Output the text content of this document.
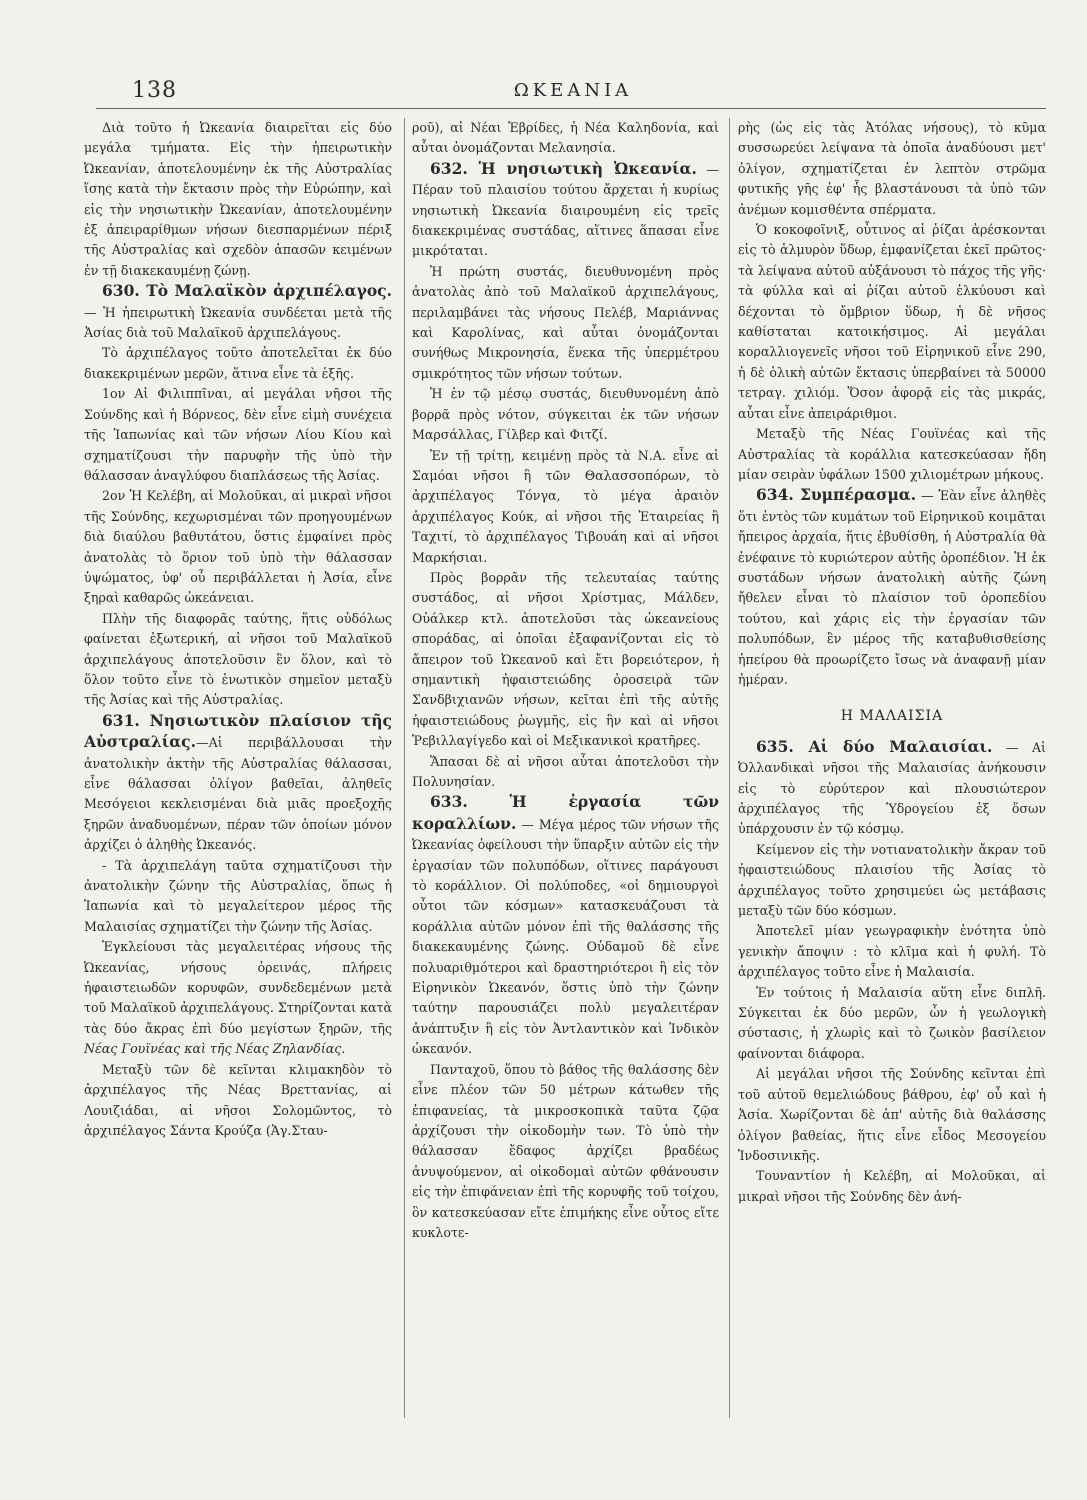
138	ΩΚΕΑΝΙΑ

Διὰ τοῦτο ἡ Ὠκεανία διαιρεῖται εἰς δύο μεγάλα τμήματα. Εἰς τὴν ἠπειρωτικὴν Ὠκεανίαν, ἀποτελουμένην ἐκ τῆς Αὐστραλίας ἴσης κατὰ τὴν ἔκτασιν πρὸς τὴν Εὐρώπην, καὶ εἰς τὴν νησιωτικὴν Ὠκεανίαν, ἀποτελουμένην ἐξ ἀπειραρίθμων νήσων διεσπαρμένων πέριξ τῆς Αὐστραλίας καὶ σχεδὸν ἁπασῶν κειμένων ἐν τῇ διακεκαυμένῃ ζώνῃ.

630. Τὸ Μαλαϊκὸν ἀρχιπέλαγος. — Ἡ ἠπειρωτικὴ Ὠκεανία συνδέεται μετὰ τῆς Ἀσίας διὰ τοῦ Μαλαϊκοῦ ἀρχιπελάγους.

Τὸ ἀρχιπέλαγος τοῦτο ἀποτελεῖται ἐκ δύο διακεκριμένων μερῶν, ἅτινα εἶνε τὰ ἑξῆς.

1ον Αἱ Φιλιππῖναι, αἱ μεγάλαι νῆσοι τῆς Σούνδης καὶ ἡ Βόρνεος, δὲν εἶνε εἰμὴ συνέχεια τῆς Ἰαπωνίας καὶ τῶν νήσων Λίου Κίου καὶ σχηματίζουσι τὴν παρυφὴν τῆς ὑπὸ τὴν θάλασσαν ἀναγλύφου διαπλάσεως τῆς Ἀσίας.

2ον Ἡ Κελέβη, αἱ Μολοῦκαι, αἱ μικραὶ νῆσοι τῆς Σούνδης, κεχωρισμέναι τῶν προηγουμένων διὰ διαύλου βαθυτάτου, ὅστις ἐμφαίνει πρὸς ἀνατολὰς τὸ ὅριον τοῦ ὑπὸ τὴν θάλασσαν ὑψώματος, ὑφ' οὗ περιβάλλεται ἡ Ἀσία, εἶνε ξηραὶ καθαρῶς ὠκεάνειαι.

Πλὴν τῆς διαφορᾶς ταύτης, ἥτις οὐδόλως φαίνεται ἐξωτερική, αἱ νῆσοι τοῦ Μαλαϊκοῦ ἀρχιπελάγους ἀποτελοῦσιν ἓν ὅλον, καὶ τὸ ὅλον τοῦτο εἶνε τὸ ἑνωτικὸν σημεῖον μεταξὺ τῆς Ἀσίας καὶ τῆς Αὐστραλίας.

631. Νησιωτικὸν πλαίσιον τῆς Αὐστραλίας.—Αἱ περιβάλλουσαι τὴν ἀνατολικὴν ἀκτὴν τῆς Αὐστραλίας θάλασσαι, εἶνε θάλασσαι ὀλίγον βαθεῖαι, ἀληθεῖς Μεσόγειοι κεκλεισμέναι διὰ μιᾶς προεξοχῆς ξηρῶν ἀναδυομένων, πέραν τῶν ὁποίων μόνον ἀρχίζει ὁ ἀληθὴς Ὠκεανός.

- Τὰ ἀρχιπελάγη ταῦτα σχηματίζουσι τὴν ἀνατολικὴν ζώνην τῆς Αὐστραλίας, ὅπως ἡ Ἰαπωνία καὶ τὸ μεγαλείτερον μέρος τῆς Μαλαισίας σχηματίζει τὴν ζώνην τῆς Ἀσίας.

Ἐγκλείουσι τὰς μεγαλειτέρας νήσους τῆς Ὠκεανίας, νήσους ὀρεινάς, πλήρεις ἠφαιστειωδῶν κορυφῶν, συνδεδεμένων μετὰ τοῦ Μαλαϊκοῦ ἀρχιπελάγους. Στηρίζονται κατὰ τὰς δύο ἄκρας ἐπὶ δύο μεγίστων ξηρῶν, τῆς Νέας Γουϊνέας καὶ τῆς Νέας Ζηλανδίας.

Μεταξὺ τῶν δὲ κεῖνται κλιμακηδὸν τὸ ἀρχιπέλαγος τῆς Νέας Βρεττανίας, αἱ Λουιζιάδαι, αἱ νῆσοι Σολομῶντος, τὸ ἀρχιπέλαγος Σάντα Κρούζα (Ἁγ.Σταυ-

ροῦ), αἱ Νέαι Ἑβρίδες, ἡ Νέα Καληδονία, καὶ αὗται ὀνομάζονται Μελανησία.

632. Ἡ νησιωτικὴ Ὠκεανία. — Πέραν τοῦ πλαισίου τούτου ἄρχεται ἡ κυρίως νησιωτικὴ Ὠκεανία διαιρουμένη εἰς τρεῖς διακεκριμένας συστάδας, αἵτινες ἅπασαι εἶνε μικρόταται.

Ἡ πρώτη συστάς, διευθυνομένη πρὸς ἀνατολὰς ἀπὸ τοῦ Μαλαϊκοῦ ἀρχιπελάγους, περιλαμβάνει τὰς νήσους Πελέβ, Μαριάννας καὶ Καρολίνας, καὶ αὗται ὀνομάζονται συνήθως Μικρονησία, ἕνεκα τῆς ὑπερμέτρου σμικρότητος τῶν νήσων τούτων.

Ἡ ἐν τῷ μέσῳ συστάς, διευθυνομένη ἀπὸ βορρᾶ πρὸς νότον, σύγκειται ἐκ τῶν νήσων Μαρσάλλας, Γίλβερ καὶ Φιτζί.

Ἐν τῇ τρίτῃ, κειμένῃ πρὸς τὰ Ν.Α. εἶνε αἱ Σαμόαι νῆσοι ἢ τῶν Θαλασσοπόρων, τὸ ἀρχιπέλαγος Τόνγα, τὸ μέγα ἀραιὸν ἀρχιπέλαγος Κούκ, αἱ νῆσοι τῆς Ἑταιρείας ἢ Ταχιτί, τὸ ἀρχιπέλαγος Τιβουάη καὶ αἱ νῆσοι Μαρκήσιαι.

Πρὸς βορρᾶν τῆς τελευταίας ταύτης συστάδος, αἱ νῆσοι Χρίστμας, Μάλδεν, Οὐάλκερ κτλ. ἀποτελοῦσι τὰς ὠκεανείους σποράδας, αἱ ὁποῖαι ἐξαφανίζονται εἰς τὸ ἄπειρον τοῦ Ὠκεανοῦ καὶ ἔτι βορειότερον, ἡ σημαντικὴ ἠφαιστειώδης ὀροσειρὰ τῶν Σανδβιχιανῶν νήσων, κεῖται ἐπὶ τῆς αὐτῆς ἠφαιστειώδους ῥωγμῆς, εἰς ἣν καὶ αἱ νῆσοι Ῥεβιλλαγίγεδο καὶ οἱ Μεξικανικοὶ κρατῆρες.

Ἅπασαι δὲ αἱ νῆσοι αὗται ἀποτελοῦσι τὴν Πολυνησίαν.

633. Ἡ ἐργασία τῶν κοραλλίων. — Μέγα μέρος τῶν νήσων τῆς Ὠκεανίας ὀφείλουσι τὴν ὕπαρξιν αὐτῶν εἰς τὴν ἐργασίαν τῶν πολυπόδων, οἵτινες παράγουσι τὸ κοράλλιον. Οἱ πολύποδες, «οἱ δημιουργοὶ οὗτοι τῶν κόσμων» κατασκευάζουσι τὰ κοράλλια αὐτῶν μόνον ἐπὶ τῆς θαλάσσης τῆς διακεκαυμένης ζώνης. Οὐδαμοῦ δὲ εἶνε πολυαριθμότεροι καὶ δραστηριότεροι ἢ εἰς τὸν Εἰρηνικὸν Ὠκεανόν, ὅστις ὑπὸ τὴν ζώνην ταύτην παρουσιάζει πολὺ μεγαλειτέραν ἀνάπτυξιν ἢ εἰς τὸν Ἀντλαντικὸν καὶ Ἰνδικὸν ὠκεανόν.

Πανταχοῦ, ὅπου τὸ βάθος τῆς θαλάσσης δὲν εἶνε πλέον τῶν 50 μέτρων κάτωθεν τῆς ἐπιφανείας, τὰ μικροσκοπικὰ ταῦτα ζῷα ἀρχίζουσι τὴν οἰκοδομὴν των. Τὸ ὑπὸ τὴν θάλασσαν ἔδαφος ἀρχίζει βραδέως ἀνυψούμενον, αἱ οἰκοδομαὶ αὐτῶν φθάνουσιν εἰς τὴν ἐπιφάνειαν ἐπὶ τῆς κορυφῆς τοῦ τοίχου, ὃν κατεσκεύασαν εἴτε ἐπιμήκης εἶνε οὗτος εἴτε κυκλοτε-

ρὴς (ὡς εἰς τὰς Ἀτόλας νήσους), τὸ κῦμα συσσωρεύει λείψανα τὰ ὁποῖα ἀναδύουσι μετ' ὀλίγον, σχηματίζεται ἐν λεπτὸν στρῶμα φυτικῆς γῆς ἐφ' ἧς βλαστάνουσι τὰ ὑπὸ τῶν ἀνέμων κομισθέντα σπέρματα.

Ὁ κοκοφοῖνιξ, οὗτινος αἱ ῥίζαι ἀρέσκονται εἰς τὸ ἁλμυρὸν ὕδωρ, ἐμφανίζεται ἐκεῖ πρῶτος· τὰ λείψανα αὐτοῦ αὐξάνουσι τὸ πάχος τῆς γῆς· τὰ φύλλα καὶ αἱ ῥίζαι αὐτοῦ ἑλκύουσι καὶ δέχονται τὸ ὄμβριον ὕδωρ, ἡ δὲ νῆσος καθίσταται κατοικήσιμος. Αἱ μεγάλαι κοραλλιογενεῖς νῆσοι τοῦ Εἰρηνικοῦ εἶνε 290, ἡ δὲ ὁλικὴ αὐτῶν ἔκτασις ὑπερβαίνει τὰ 50000 τετραγ. χιλιόμ. Ὅσον ἀφορᾷ εἰς τὰς μικράς, αὗται εἶνε ἀπειράριθμοι.

Μεταξὺ τῆς Νέας Γουϊνέας καὶ τῆς Αὐστραλίας τὰ κοράλλια κατεσκεύασαν ἤδη μίαν σειρὰν ὑφάλων 1500 χιλιομέτρων μήκους.

634. Συμπέρασμα. — Ἐὰν εἶνε ἀληθὲς ὅτι ἐντὸς τῶν κυμάτων τοῦ Εἰρηνικοῦ κοιμᾶται ἤπειρος ἀρχαία, ἥτις ἐβυθίσθη, ἡ Αὐστραλία θὰ ἐνέφαινε τὸ κυριώτερον αὐτῆς ὀροπέδιον. Ἡ ἐκ συστάδων νήσων ἀνατολικὴ αὐτῆς ζώνη ἤθελεν εἶναι τὸ πλαίσιον τοῦ ὀροπεδίου τούτου, καὶ χάρις εἰς τὴν ἐργασίαν τῶν πολυπόδων, ἓν μέρος τῆς καταβυθισθείσης ἠπείρου θὰ προωρίζετο ἴσως νὰ ἀναφανῇ μίαν ἡμέραν.

Η ΜΑΛΑΙΣΙΑ

635. Αἱ δύο Μαλαισίαι. — Αἱ Ὀλλανδικαὶ νῆσοι τῆς Μαλαισίας ἀνήκουσιν εἰς τὸ εὐρύτερον καὶ πλουσιώτερον ἀρχιπέλαγος τῆς Ὑδρογείου ἐξ ὅσων ὑπάρχουσιν ἐν τῷ κόσμῳ.

Κείμενον εἰς τὴν νοτιανατολικὴν ἄκραν τοῦ ἠφαιστειώδους πλαισίου τῆς Ἀσίας τὸ ἀρχιπέλαγος τοῦτο χρησιμεύει ὡς μετάβασις μεταξὺ τῶν δύο κόσμων.

Ἀποτελεῖ μίαν γεωγραφικὴν ἑνότητα ὑπὸ γενικὴν ἄποψιν : τὸ κλῖμα καὶ ἡ φυλή. Τὸ ἀρχιπέλαγος τοῦτο εἶνε ἡ Μαλαισία.

Ἐν τούτοις ἡ Μαλαισία αὕτη εἶνε διπλῆ. Σύγκειται ἐκ δύο μερῶν, ὧν ἡ γεωλογικὴ σύστασις, ἡ χλωρὶς καὶ τὸ ζωικὸν βασίλειον φαίνονται διάφορα.

Αἱ μεγάλαι νῆσοι τῆς Σούνδης κεῖνται ἐπὶ τοῦ αὐτοῦ θεμελιώδους βάθρου, ἐφ' οὗ καὶ ἡ Ἀσία. Χωρίζονται δὲ ἀπ' αὐτῆς διὰ θαλάσσης ὀλίγον βαθείας, ἥτις εἶνε εἶδος Μεσογείου Ἰνδοσινικῆς.

Τουναντίον ἡ Κελέβη, αἱ Μολοῦκαι, αἱ μικραὶ νῆσοι τῆς Σούνδης δὲν ἀνή-
